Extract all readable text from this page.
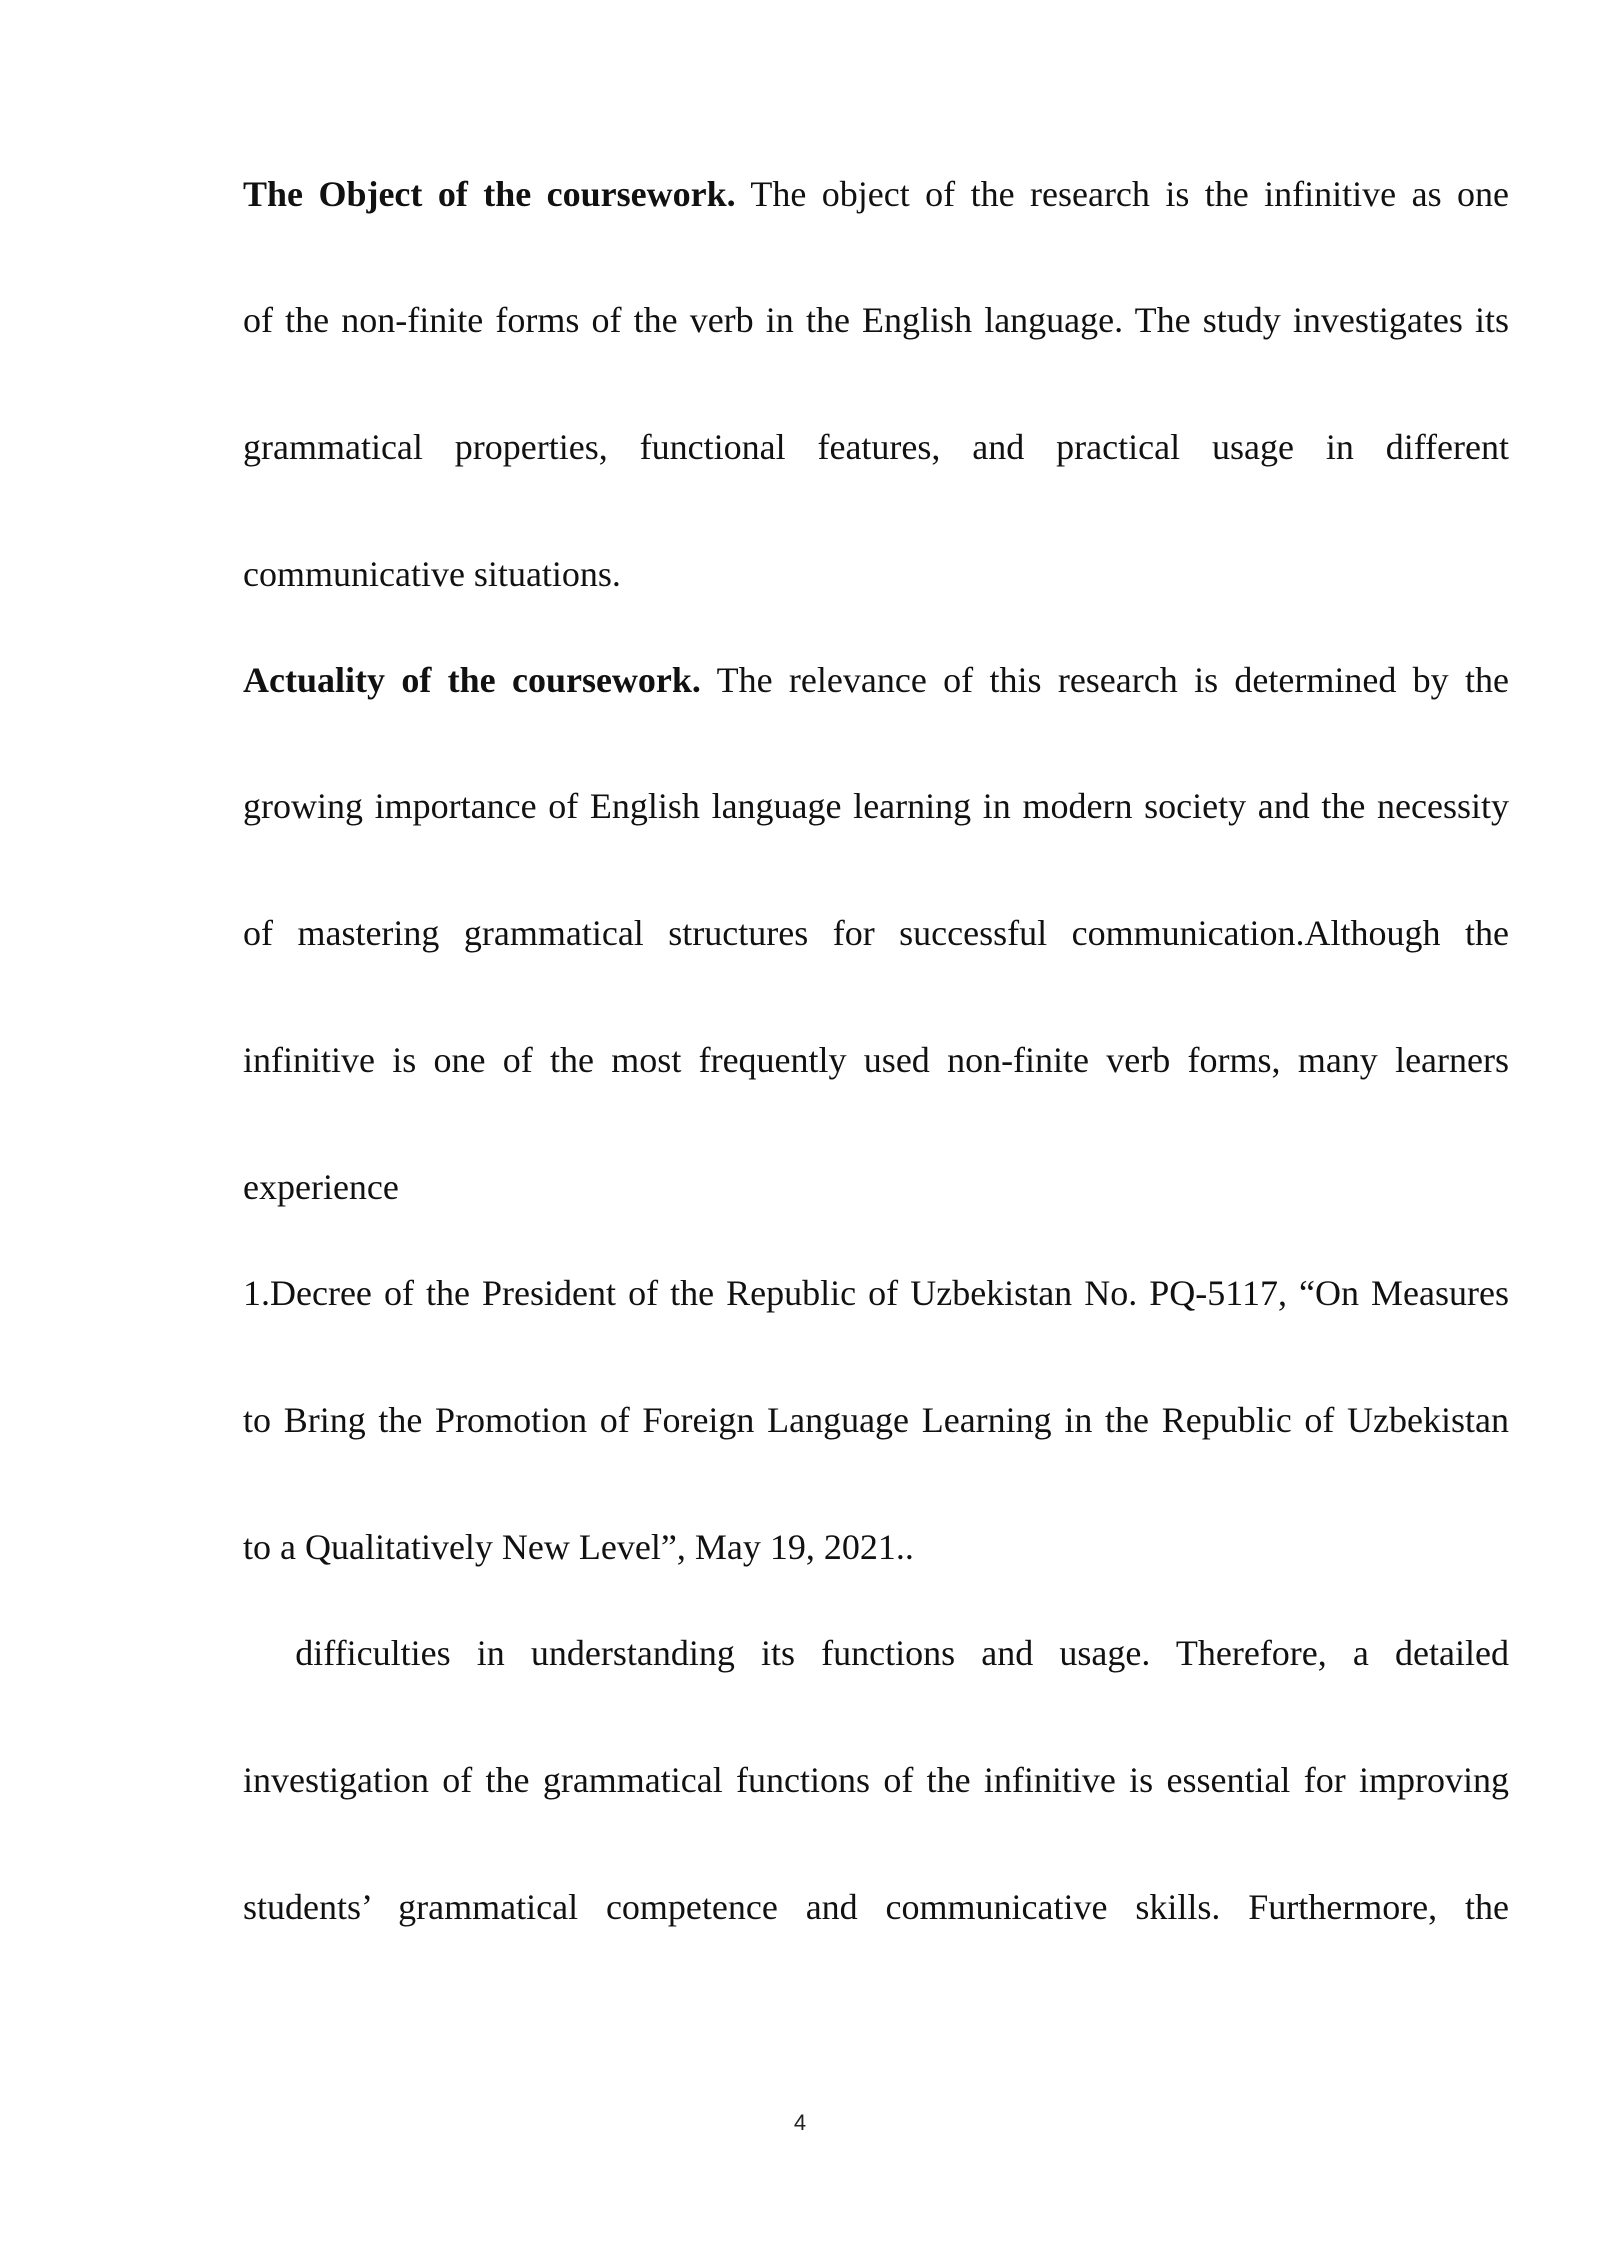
The Object of the coursework. The object of the research is the infinitive as one
of the non-finite forms of the verb in the English language. The study investigates its
grammatical properties, functional features, and practical usage in different
communicative situations.
Actuality of the coursework. The relevance of this research is determined by the
growing importance of English language learning in modern society and the necessity
of mastering grammatical structures for successful communication.Although the
infinitive is one of the most frequently used non-finite verb forms, many learners
experience
1.Decree of the President of the Republic of Uzbekistan No. PQ-5117, “On Measures
to Bring the Promotion of Foreign Language Learning in the Republic of Uzbekistan
to a Qualitatively New Level”, May 19, 2021..
difficulties in understanding its functions and usage. Therefore, a detailed
investigation of the grammatical functions of the infinitive is essential for improving
students’ grammatical competence and communicative skills. Furthermore, the
4
